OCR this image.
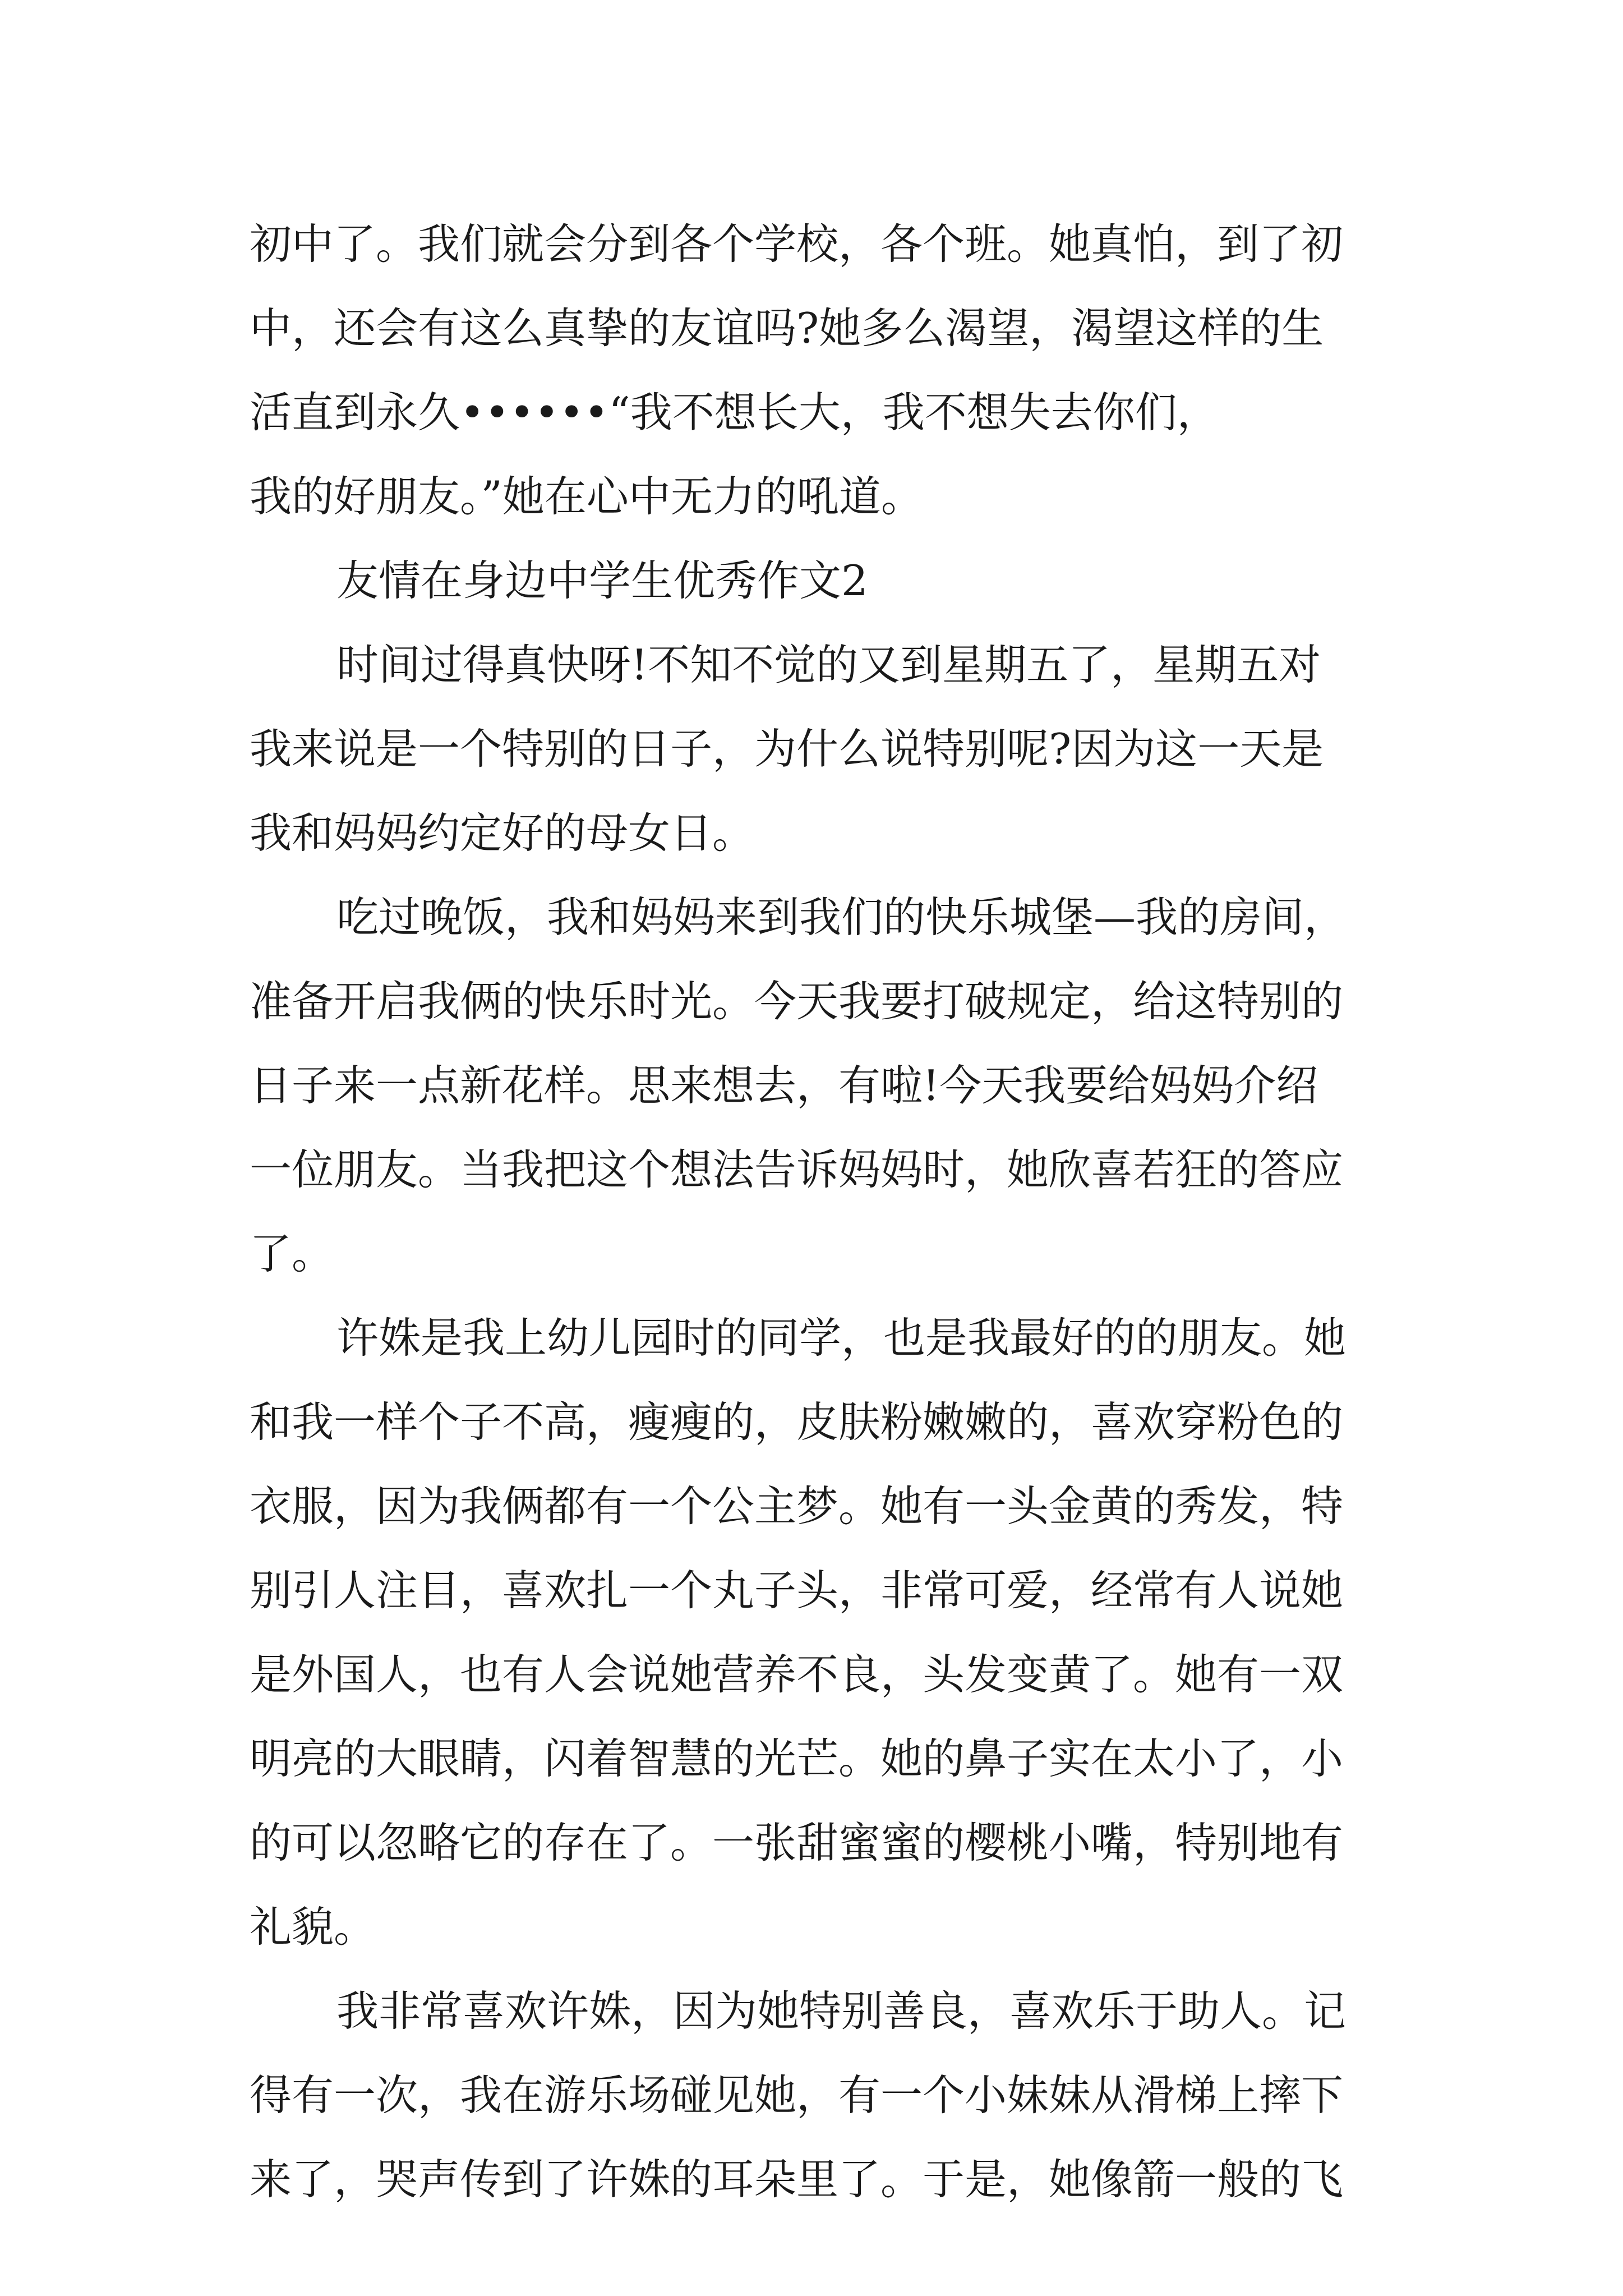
初中了。我们就会分到各个学校，各个班。她真怕，到了初
中，还会有这么真挚的友谊吗?她多么渴望，渴望这样的生
活直到永久••••••“我不想长大，我不想失去你们，
我的好朋友。”她在心中无力的吼道。
友情在身边中学生优秀作文2
时间过得真快呀!不知不觉的又到星期五了，星期五对
我来说是一个特别的日子，为什么说特别呢?因为这一天是
我和妈妈约定好的母女日。
吃过晚饭，我和妈妈来到我们的快乐城堡—我的房间，
准备开启我俩的快乐时光。今天我要打破规定，给这特别的
日子来一点新花样。思来想去，有啦!今天我要给妈妈介绍
一位朋友。当我把这个想法告诉妈妈时，她欣喜若狂的答应
了。
许姝是我上幼儿园时的同学，也是我最好的的朋友。她
和我一样个子不高，瘦瘦的，皮肤粉嫩嫩的，喜欢穿粉色的
衣服，因为我俩都有一个公主梦。她有一头金黄的秀发，特
别引人注目，喜欢扎一个丸子头，非常可爱，经常有人说她
是外国人，也有人会说她营养不良，头发变黄了。她有一双
明亮的大眼睛，闪着智慧的光芒。她的鼻子实在太小了，小
的可以忽略它的存在了。一张甜蜜蜜的樱桃小嘴，特别地有
礼貌。
我非常喜欢许姝，因为她特别善良，喜欢乐于助人。记
得有一次，我在游乐场碰见她，有一个小妹妹从滑梯上摔下
来了，哭声传到了许姝的耳朵里了。于是，她像箭一般的飞
